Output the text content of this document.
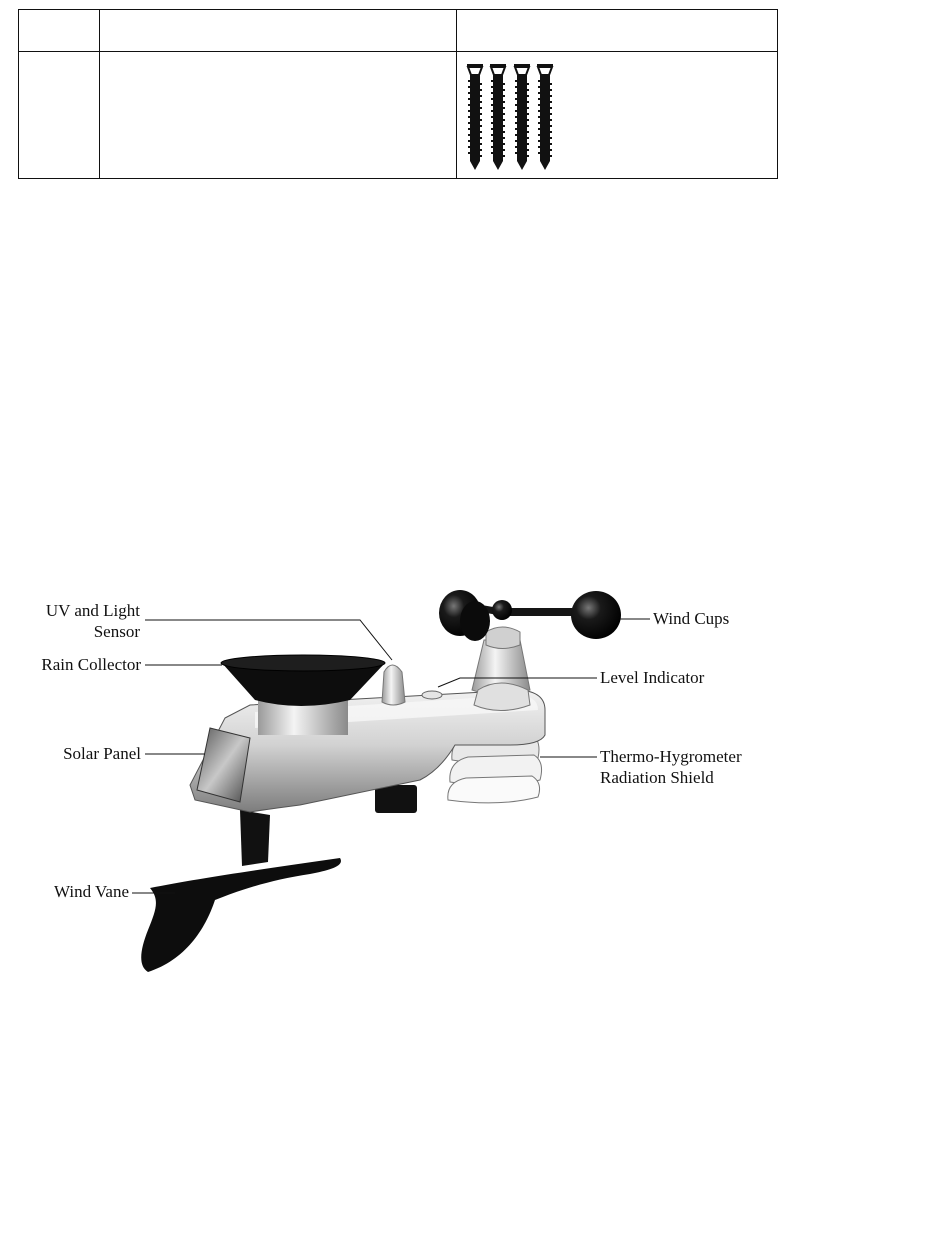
UV and Light
Sensor
Rain Collector
Solar Panel
Wind Vane
Wind Cups
Level Indicator
Thermo-Hygrometer
Radiation Shield
